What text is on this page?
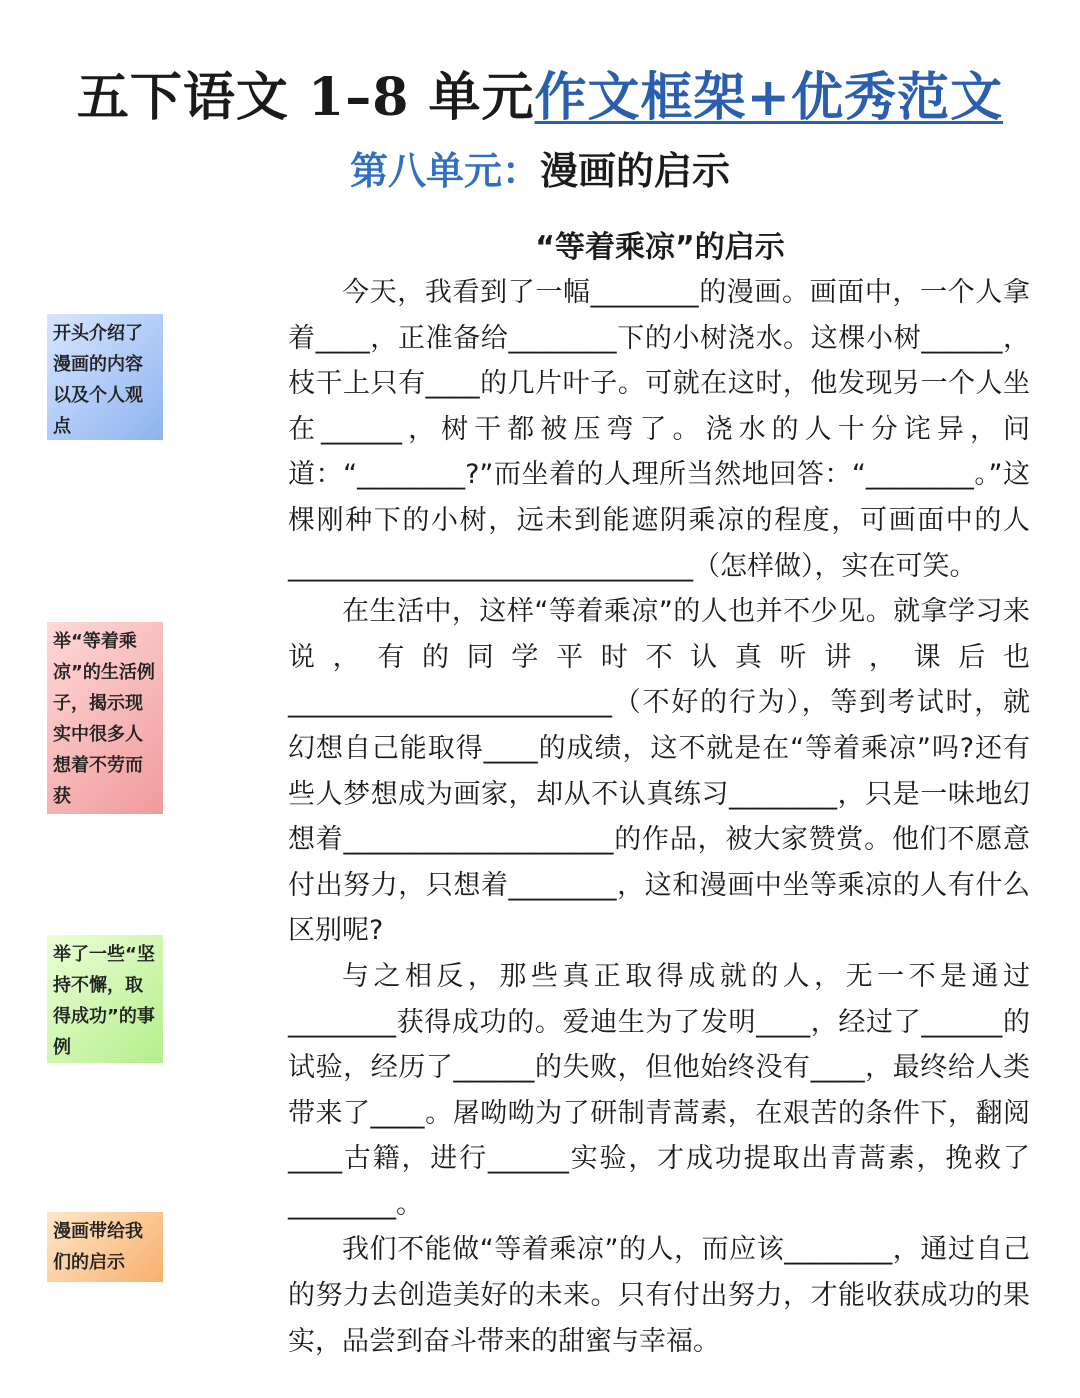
五下语文 1–8 单元作文框架+优秀范文
第八单元：漫画的启示
“等着乘凉”的启示

今天，我看到了一幅________的漫画。画面中，一个人拿着____，正准备给________下的小树浇水。这棵小树______，枝干上只有____的几片叶子。可就在这时，他发现另一个人坐在______，树干都被压弯了。浇水的人十分诧异，问道：“________?”而坐着的人理所当然地回答：“________。”这棵刚种下的小树，远未到能遮阴乘凉的程度，可画面中的人______________________________（怎样做），实在可笑。

在生活中，这样“等着乘凉”的人也并不少见。就拿学习来说，有的同学平时不认真听讲，课后也________________________（不好的行为），等到考试时，就幻想自己能取得____的成绩，这不就是在“等着乘凉”吗?还有些人梦想成为画家，却从不认真练习________，只是一味地幻想着____________________的作品，被大家赞赏。他们不愿意付出努力，只想着________，这和漫画中坐等乘凉的人有什么区别呢?

与之相反，那些真正取得成就的人，无一不是通过________获得成功的。爱迪生为了发明____，经过了______的试验，经历了______的失败，但他始终没有____，最终给人类带来了____。屠呦呦为了研制青蒿素，在艰苦的条件下，翻阅____古籍，进行______实验，才成功提取出青蒿素，挽救了________。

我们不能做“等着乘凉”的人，而应该________，通过自己的努力去创造美好的未来。只有付出努力，才能收获成功的果实，品尝到奋斗带来的甜蜜与幸福。

开头介绍了漫画的内容以及个人观点
举“等着乘凉”的生活例子，揭示现实中很多人想着不劳而获
举了一些“坚持不懈，取得成功”的事例
漫画带给我们的启示
